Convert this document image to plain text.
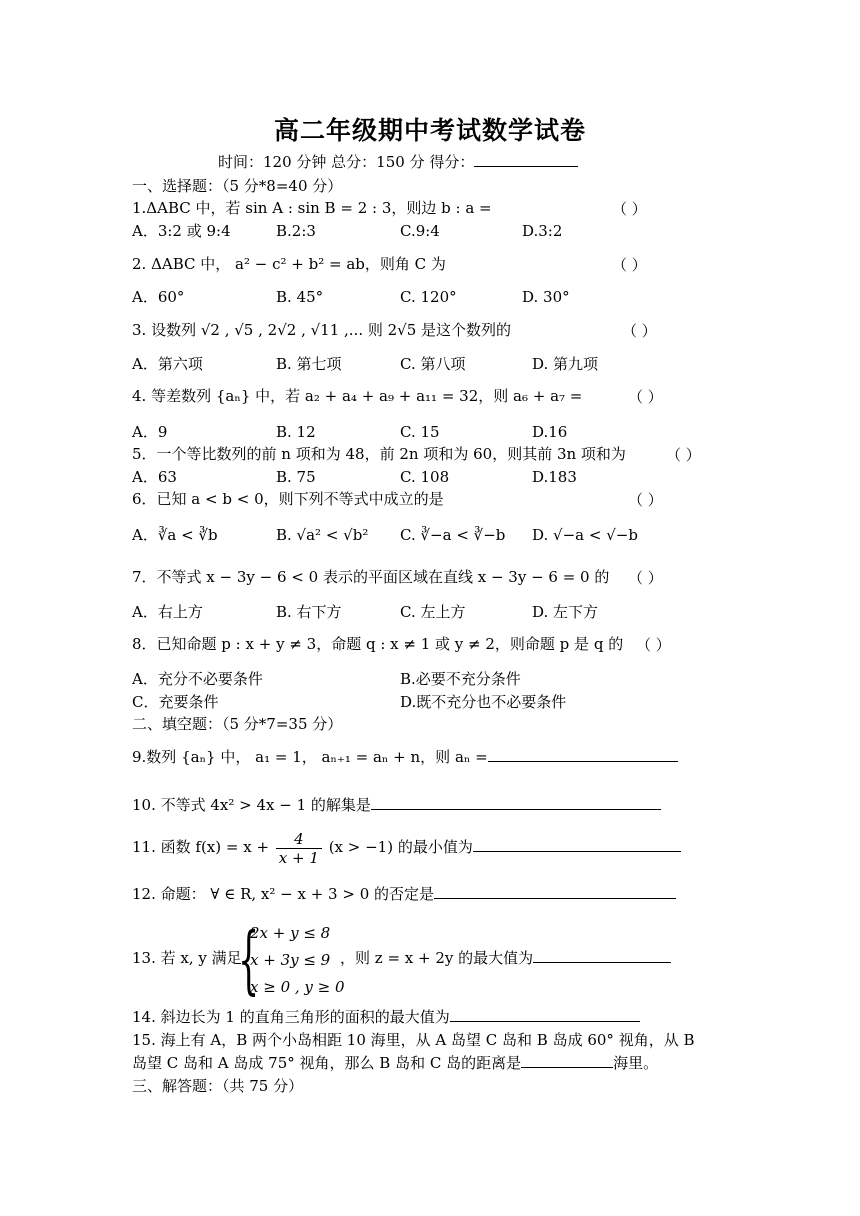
高二年级期中考试数学试卷
时间：120 分钟 总分：150 分 得分：
一、选择题：（5 分*8=40 分）
1.ΔABC 中，若 sin A : sin B = 2 : 3，则边 b : a =	（ ）
A．3:2 或 9:4	B.2:3	C.9:4	D.3:2
2. ΔABC 中， a² − c² + b² = ab，则角 C 为	（ ）
A．60°	B. 45°	C. 120°	D. 30°
3. 设数列 √2 , √5 , 2√2 , √11 ,... 则 2√5 是这个数列的	（ ）
A．第六项	B. 第七项	C. 第八项	D. 第九项
4. 等差数列 {aₙ} 中，若 a₂ + a₄ + a₉ + a₁₁ = 32，则 a₆ + a₇ =	（ ）
A．9	B. 12	C. 15	D.16
5．一个等比数列的前 n 项和为 48，前 2n 项和为 60，则其前 3n 项和为	（ ）
A．63	B. 75	C. 108	D.183
6．已知 a < b < 0，则下列不等式中成立的是	（ ）
A．∛a < ∛b	B. √a² < √b² C. ∛−a < ∛−b D. √−a < √−b
7．不等式 x − 3y − 6 < 0 表示的平面区域在直线 x − 3y − 6 = 0 的 （ ）
A．右上方	B. 右下方	C. 左上方	D. 左下方
8．已知命题 p : x + y ≠ 3，命题 q : x ≠ 1 或 y ≠ 2，则命题 p 是 q 的 （ ）
A．充分不必要条件	B.必要不充分条件
C．充要条件	D.既不充分也不必要条件
二、填空题：（5 分*7=35 分）
9.数列 {aₙ} 中， a₁ = 1， aₙ₊₁ = aₙ + n，则 aₙ =
10. 不等式 4x² > 4x − 1 的解集是
11. 函数 $f(x) = x + \frac{4}{x + 1} (x > -1)$ 的最小值为
12. 命题： ∀ ∈ R, x² − x + 3 > 0 的否定是
13. 若 x, y 满足
{
2x + y ≤ 8
x + 3y ≤ 9
x ≥ 0 , y ≥ 0
，则 z = x + 2y 的最大值为
14. 斜边长为 1 的直角三角形的面积的最大值为
15. 海上有 A，B 两个小岛相距 10 海里，从 A 岛望 C 岛和 B 岛成 60° 视角，从 B
岛望 C 岛和 A 岛成 75° 视角，那么 B 岛和 C 岛的距离是	海里。
三、解答题：（共 75 分）
